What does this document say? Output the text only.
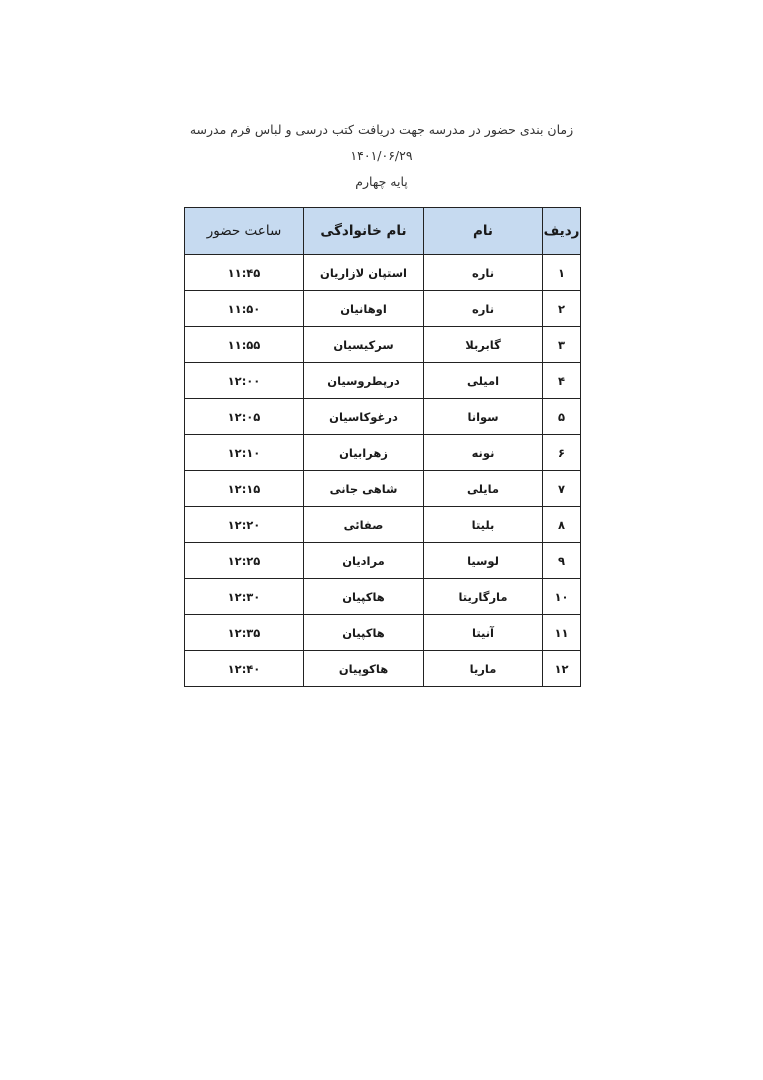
زمان بندی حضور در مدرسه جهت دریافت کتب درسی و لباس فرم مدرسه
۱۴۰۱/۰۶/۲۹
پایه چهارم
ردیف	نام	نام خانوادگی	ساعت حضور
۱	ناره	استپان لازاریان	۱۱:۴۵
۲	ناره	اوهانیان	۱۱:۵۰
۳	گابربلا	سرکیسیان	۱۱:۵۵
۴	امیلی	درپطروسیان	۱۲:۰۰
۵	سوانا	درغوکاسیان	۱۲:۰۵
۶	نونه	زهرابیان	۱۲:۱۰
۷	مایلی	شاهی جانی	۱۲:۱۵
۸	بلیتا	صفائی	۱۲:۲۰
۹	لوسیا	مرادیان	۱۲:۲۵
۱۰	مارگاریتا	هاکپیان	۱۲:۳۰
۱۱	آنیتا	هاکپیان	۱۲:۳۵
۱۲	ماریا	هاکوپیان	۱۲:۴۰
